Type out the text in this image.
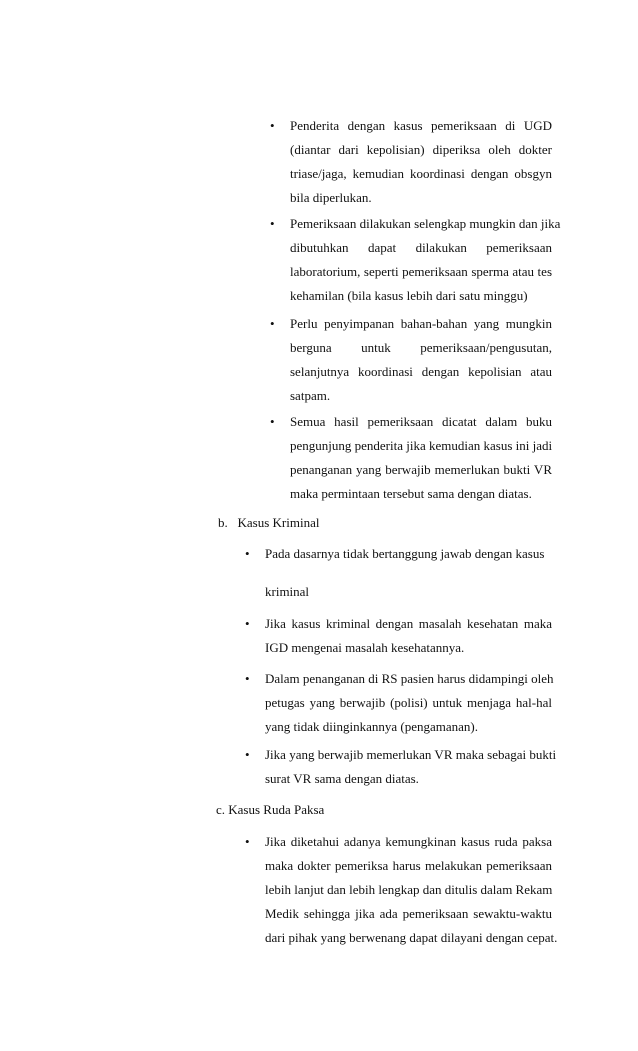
• Penderita dengan kasus pemeriksaan di UGD
(diantar dari kepolisian) diperiksa oleh dokter
triase/jaga, kemudian koordinasi dengan obsgyn
bila diperlukan.
• Pemeriksaan dilakukan selengkap mungkin dan jika
dibutuhkan dapat dilakukan pemeriksaan
laboratorium, seperti pemeriksaan sperma atau tes
kehamilan (bila kasus lebih dari satu minggu)
• Perlu penyimpanan bahan-bahan yang mungkin
berguna untuk pemeriksaan/pengusutan,
selanjutnya koordinasi dengan kepolisian atau
satpam.
• Semua hasil pemeriksaan dicatat dalam buku
pengunjung penderita jika kemudian kasus ini jadi
penanganan yang berwajib memerlukan bukti VR
maka permintaan tersebut sama dengan diatas.
b.   Kasus Kriminal
• Pada dasarnya tidak bertanggung jawab dengan kasus
kriminal
• Jika kasus kriminal dengan masalah kesehatan maka
IGD mengenai masalah kesehatannya.
• Dalam penanganan di RS pasien harus didampingi oleh
petugas yang berwajib (polisi) untuk menjaga hal-hal
yang tidak diinginkannya (pengamanan).
• Jika yang berwajib memerlukan VR maka sebagai bukti
surat VR sama dengan diatas.
c. Kasus Ruda Paksa
• Jika diketahui adanya kemungkinan kasus ruda paksa
maka dokter pemeriksa harus melakukan pemeriksaan
lebih lanjut dan lebih lengkap dan ditulis dalam Rekam
Medik sehingga jika ada pemeriksaan sewaktu-waktu
dari pihak yang berwenang dapat dilayani dengan cepat.
